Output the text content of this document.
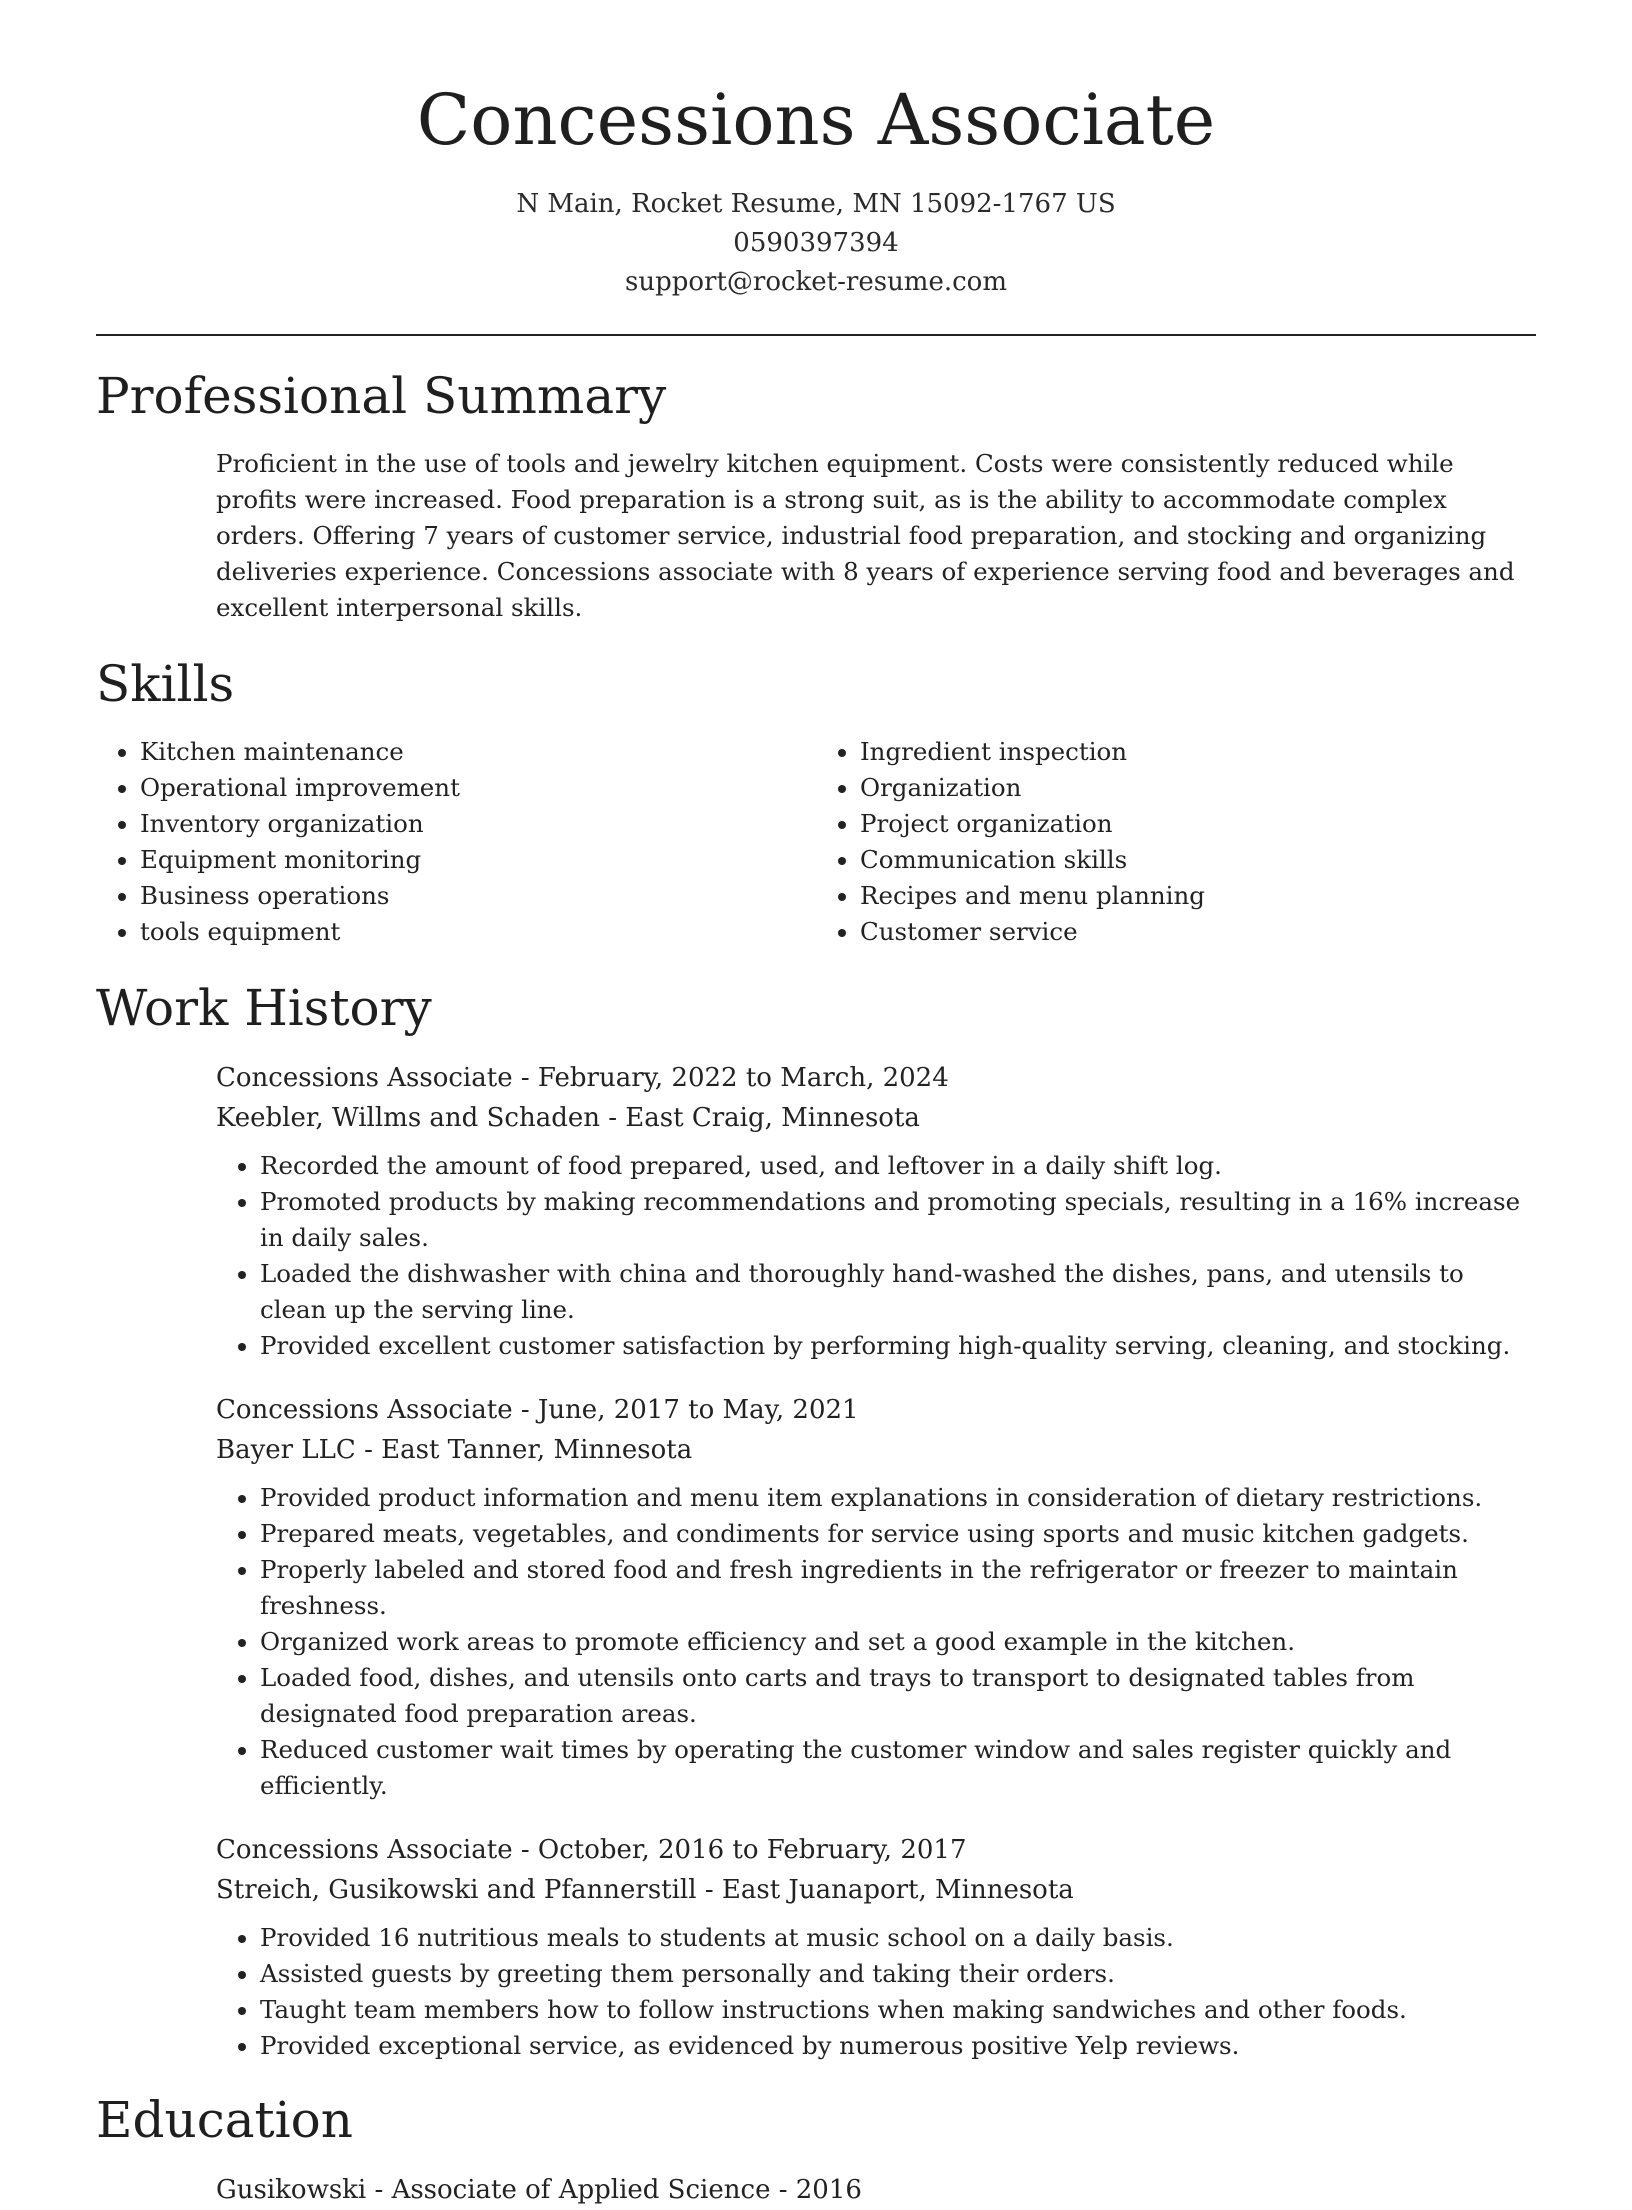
Concessions Associate
N Main, Rocket Resume, MN 15092-1767 US
0590397394
support@rocket-resume.com
Professional Summary

Proficient in the use of tools and jewelry kitchen equipment. Costs were consistently reduced while profits were increased. Food preparation is a strong suit, as is the ability to accommodate complex orders. Offering 7 years of customer service, industrial food preparation, and stocking and organizing deliveries experience. Concessions associate with 8 years of experience serving food and beverages and excellent interpersonal skills.

Skills
• Kitchen maintenance
• Operational improvement
• Inventory organization
• Equipment monitoring
• Business operations
• tools equipment
• Ingredient inspection
• Organization
• Project organization
• Communication skills
• Recipes and menu planning
• Customer service
Work History
Concessions Associate - February, 2022 to March, 2024
Keebler, Willms and Schaden - East Craig, Minnesota
• Recorded the amount of food prepared, used, and leftover in a daily shift log.
• Promoted products by making recommendations and promoting specials, resulting in a 16% increase in daily sales.
• Loaded the dishwasher with china and thoroughly hand-washed the dishes, pans, and utensils to clean up the serving line.
• Provided excellent customer satisfaction by performing high-quality serving, cleaning, and stocking.
Concessions Associate - June, 2017 to May, 2021
Bayer LLC - East Tanner, Minnesota
• Provided product information and menu item explanations in consideration of dietary restrictions.
• Prepared meats, vegetables, and condiments for service using sports and music kitchen gadgets.
• Properly labeled and stored food and fresh ingredients in the refrigerator or freezer to maintain freshness.
• Organized work areas to promote efficiency and set a good example in the kitchen.
• Loaded food, dishes, and utensils onto carts and trays to transport to designated tables from designated food preparation areas.
• Reduced customer wait times by operating the customer window and sales register quickly and efficiently.
Concessions Associate - October, 2016 to February, 2017
Streich, Gusikowski and Pfannerstill - East Juanaport, Minnesota
• Provided 16 nutritious meals to students at music school on a daily basis.
• Assisted guests by greeting them personally and taking their orders.
• Taught team members how to follow instructions when making sandwiches and other foods.
• Provided exceptional service, as evidenced by numerous positive Yelp reviews.
Education
Gusikowski - Associate of Applied Science - 2016
